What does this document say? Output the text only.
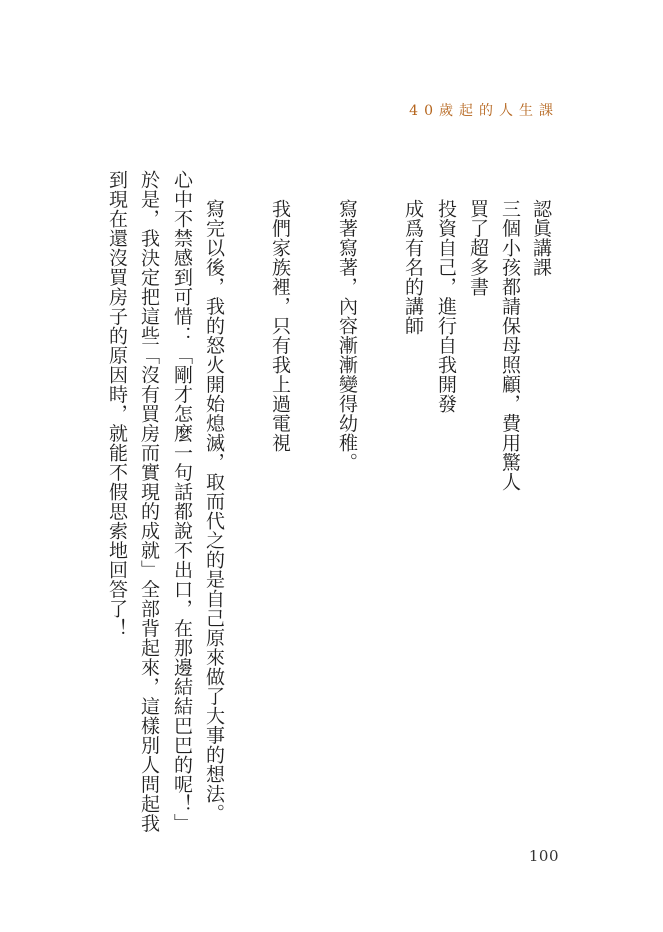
40歲起的人生課
認眞講課
三個小孩都請保母照顧，費用驚人
買了超多書
投資自己，進行自我開發
成爲有名的講師
寫著寫著，內容漸漸變得幼稚。
我們家族裡，只有我上過電視
寫完以後，我的怒火開始熄滅，取而代之的是自己原來做了大事的想法。
心中不禁感到可惜：「剛才怎麼一句話都說不出口，在那邊結結巴巴的呢！」
於是，我決定把這些「沒有買房而實現的成就」全部背起來，這樣別人問起我
到現在還沒買房子的原因時，就能不假思索地回答了！
100
